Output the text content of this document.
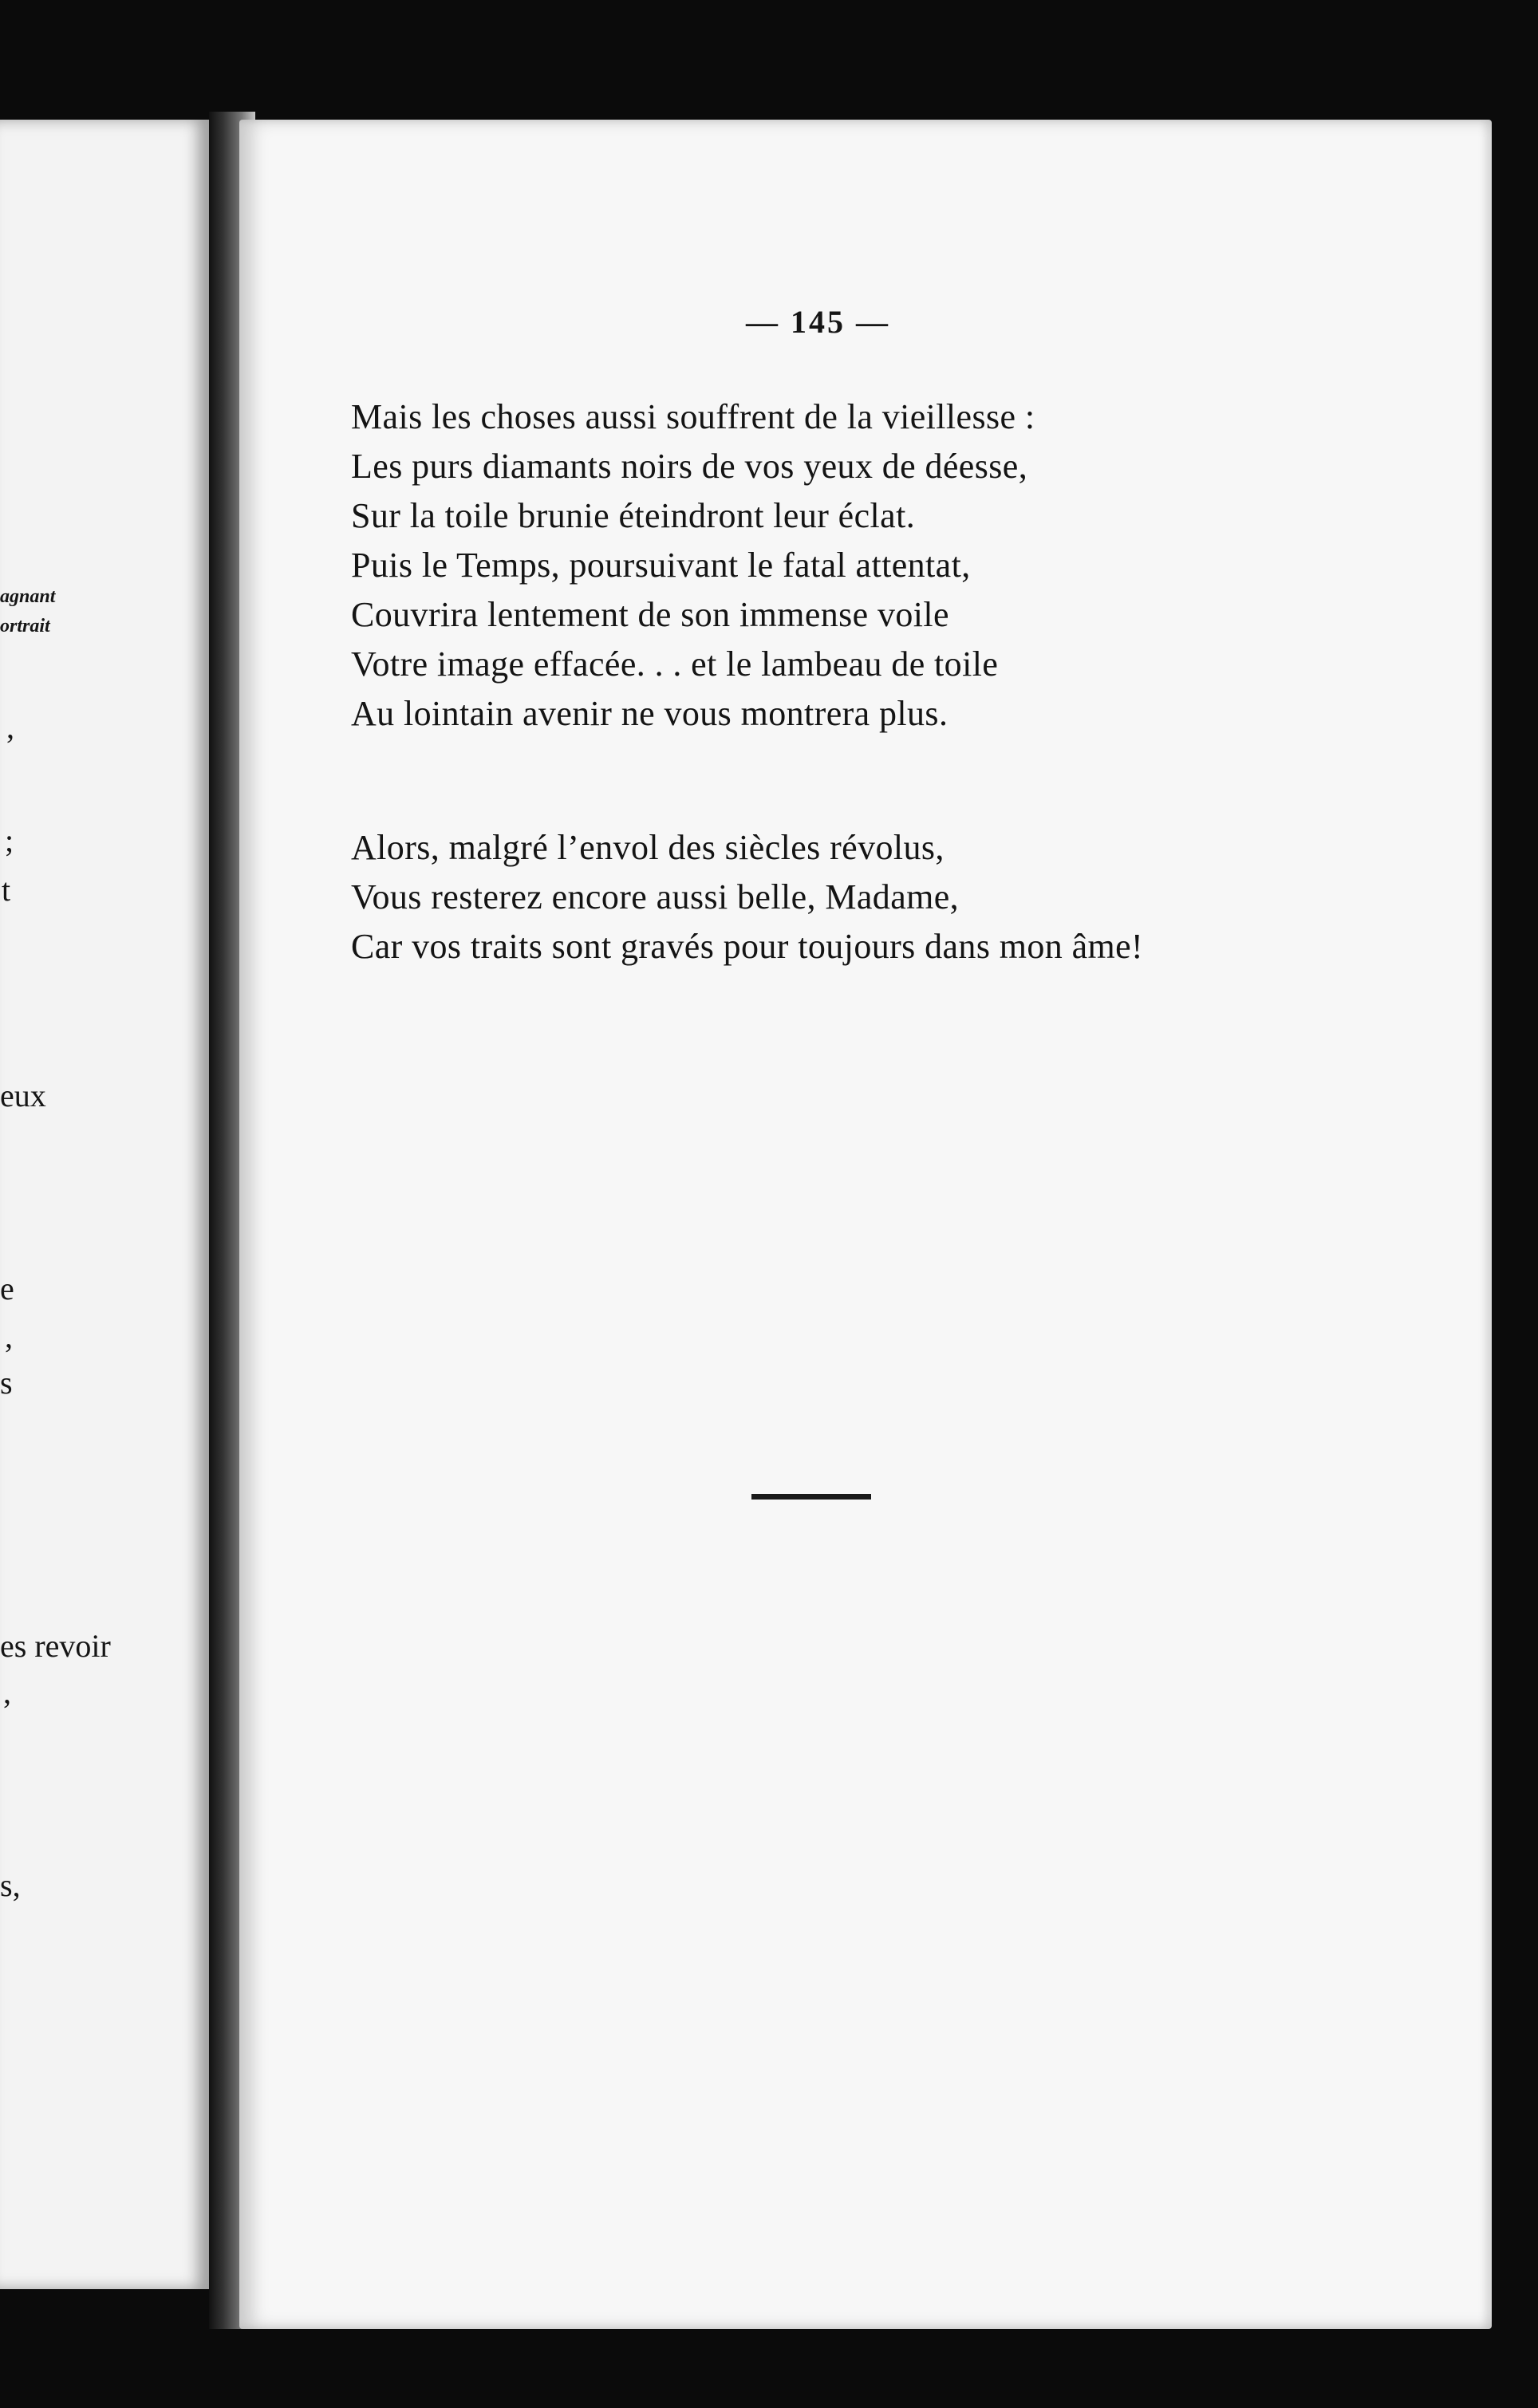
agnant

ortrait

,

;

t

eux

e

,

s

es revoir

,

s,

— 145 —

Mais les choses aussi souffrent de la vieillesse :
Les purs diamants noirs de vos yeux de déesse,
Sur la toile brunie éteindront leur éclat.
Puis le Temps, poursuivant le fatal attentat,
Couvrira lentement de son immense voile
Votre image effacée. . . et le lambeau de toile
Au lointain avenir ne vous montrera plus.
Alors, malgré l’envol des siècles révolus,
Vous resterez encore aussi belle, Madame,
Car vos traits sont gravés pour toujours dans mon âme!
